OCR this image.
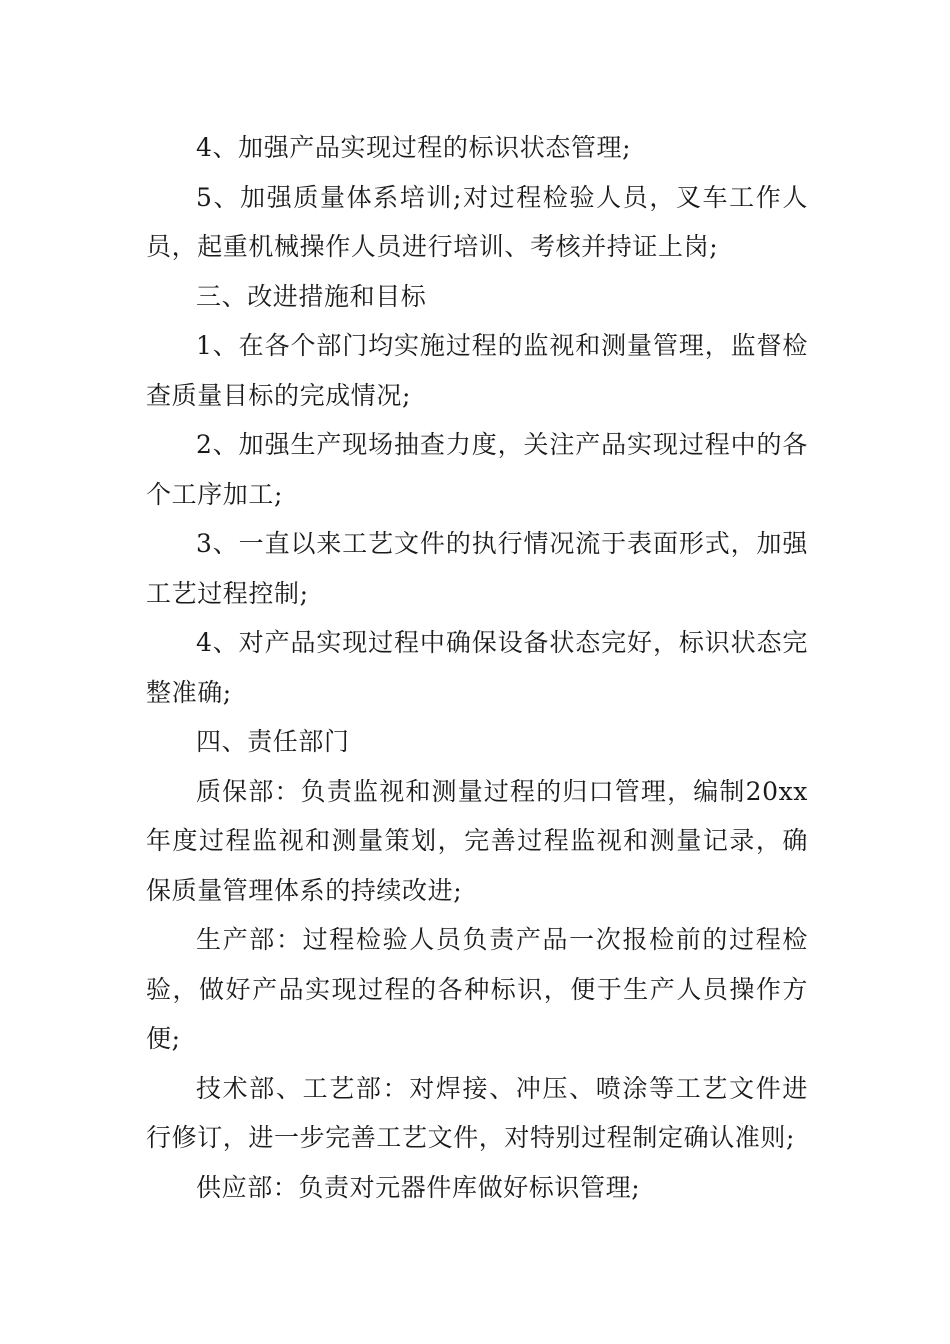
4、加强产品实现过程的标识状态管理;

5、加强质量体系培训;对过程检验人员，叉车工作人员，起重机械操作人员进行培训、考核并持证上岗;

三、改进措施和目标

1、在各个部门均实施过程的监视和测量管理，监督检查质量目标的完成情况;

2、加强生产现场抽查力度，关注产品实现过程中的各个工序加工;

3、一直以来工艺文件的执行情况流于表面形式，加强工艺过程控制;

4、对产品实现过程中确保设备状态完好，标识状态完整准确;

四、责任部门

质保部：负责监视和测量过程的归口管理，编制20xx年度过程监视和测量策划，完善过程监视和测量记录，确保质量管理体系的持续改进;

生产部：过程检验人员负责产品一次报检前的过程检验，做好产品实现过程的各种标识，便于生产人员操作方便;

技术部、工艺部：对焊接、冲压、喷涂等工艺文件进行修订，进一步完善工艺文件，对特别过程制定确认准则;

供应部：负责对元器件库做好标识管理;
